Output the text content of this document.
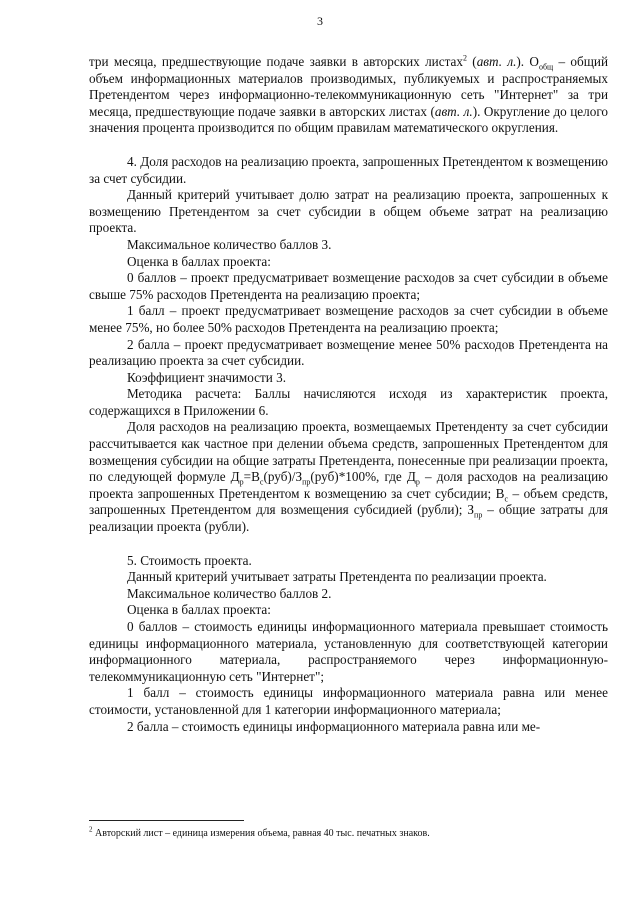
3

три месяца, предшествующие подаче заявки в авторских листах$^2$ (авт. л.). $О_{общ}$ – общий объем информационных материалов производимых, публикуемых и распространяемых Претендентом через информационно-телекоммуникационную сеть "Интернет" за три месяца, предшествующие подаче заявки в авторских листах (авт. л.). Округление до целого значения процента производится по общим правилам математического округления.

4. Доля расходов на реализацию проекта, запрошенных Претендентом к возмещению за счет субсидии.

Данный критерий учитывает долю затрат на реализацию проекта, запрошенных к возмещению Претендентом за счет субсидии в общем объеме затрат на реализацию проекта.

Максимальное количество баллов 3.

Оценка в баллах проекта:

0 баллов – проект предусматривает возмещение расходов за счет субсидии в объеме свыше 75% расходов Претендента на реализацию проекта;

1 балл – проект предусматривает возмещение расходов за счет субсидии в объеме менее 75%, но более 50% расходов Претендента на реализацию проекта;

2 балла – проект предусматривает возмещение менее 50% расходов Претендента на реализацию проекта за счет субсидии.

Коэффициент значимости 3.

Методика расчета: Баллы начисляются исходя из характеристик проекта, содержащихся в Приложении 6.

Доля расходов на реализацию проекта, возмещаемых Претенденту за счет субсидии рассчитывается как частное при делении объема средств, запрошенных Претендентом для возмещения субсидии на общие затраты Претендента, понесенные при реализации проекта, по следующей формуле $Д_р=В_с(руб)/З_{пр}(руб)*100\%$, где $Д_р$ – доля расходов на реализацию проекта запрошенных Претендентом к возмещению за счет субсидии; $В_с$ – объем средств, запрошенных Претендентом для возмещения субсидией (рубли); $З_{пр}$ – общие затраты для реализации проекта (рубли).

5. Стоимость проекта.

Данный критерий учитывает затраты Претендента по реализации проекта.

Максимальное количество баллов 2.

Оценка в баллах проекта:

0 баллов – стоимость единицы информационного материала превышает стоимость единицы информационного материала, установленную для соответствующей категории информационного материала, распространяемого через информационную-телекоммуникационную сеть "Интернет";

1 балл – стоимость единицы информационного материала равна или менее стоимости, установленной для 1 категории информационного материала;

2 балла – стоимость единицы информационного материала равна или ме-

$^2$ Авторский лист – единица измерения объема, равная 40 тыс. печатных знаков.
